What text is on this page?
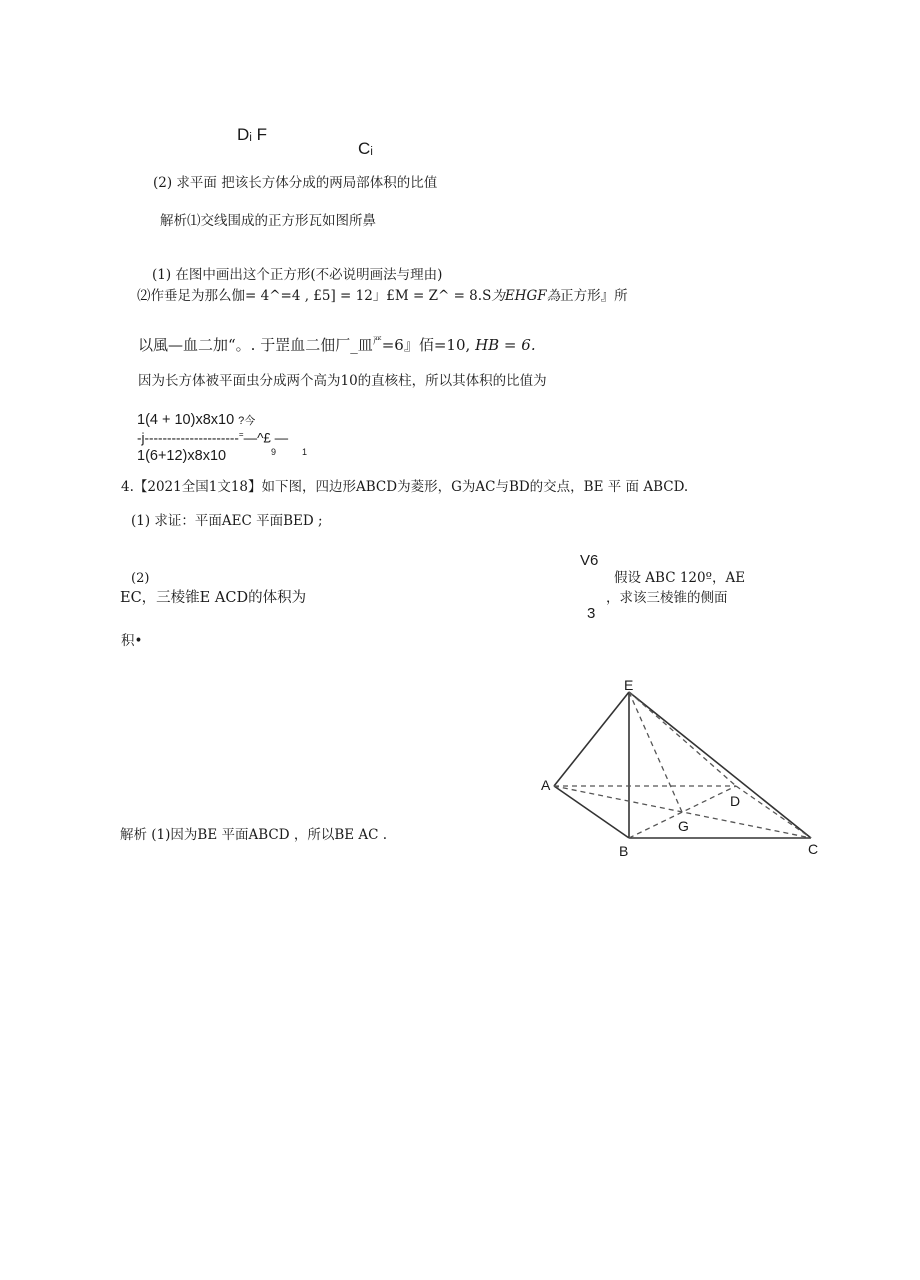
Dᵢ F
Cᵢ
(2) 求平面 把该长方体分成的两局部体积的比值
解析⑴交线围成的正方形瓦如图所鼻
(1) 在图中画出这个正方形(不必说明画法与理由)
⑵作垂足为那么伽= 4^=4 , £5] = 12」£M = Z^ = 8.S为EHGF為正方形』所
以風—血二加“。. 于罡血二佃厂_皿$^严$=6』佰=10, HB = 6.
因为长方体被平面虫分成两个高为10的直核柱，所以其体积的比值为
1(4 + 10)x8x10 ?今
-j---------------------=—^£ —
1(6+12)x8x10	9	1
4.【2021全国1文18】如下图，四边形ABCD为菱形，G为AC与BD的交点，BE 平 面 ABCD.
(1) 求证：平面AEC 平面BED ;
V6
(2)	假设 ABC 120º，AE
EC，三棱锥E ACD的体积为	，求该三棱锥的侧面
3
积•
解析 (1)因为BE 平面ABCD ，所以BE AC .
E
A
D
G
B	C
